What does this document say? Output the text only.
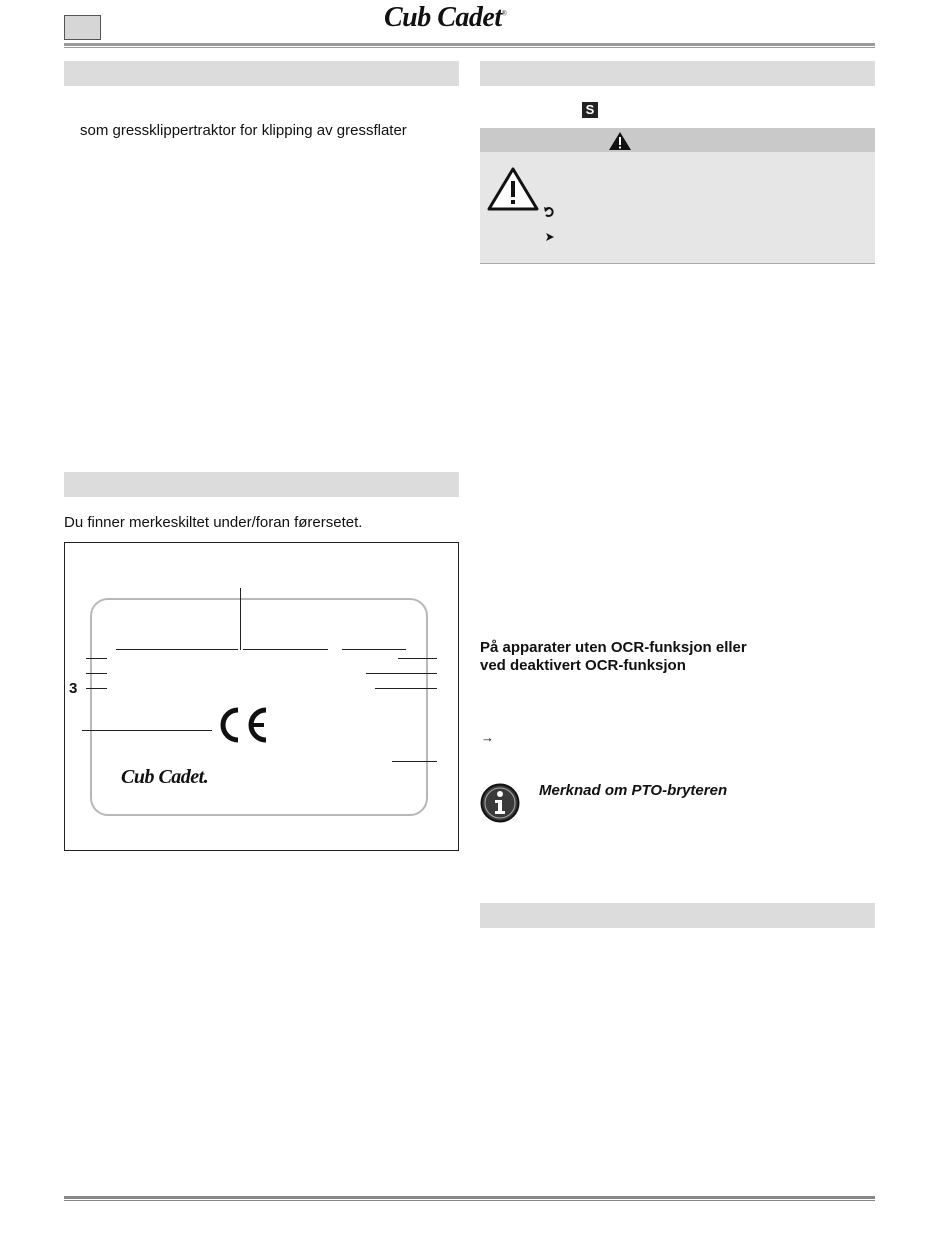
Cub Cadet®
som gressklippertraktor for klipping av gressflater
Du finner merkeskiltet under/foran førersetet.
3
Cub Cadet.
S
På apparater uten OCR-funksjon eller
ved deaktivert OCR-funksjon
→
Merknad om PTO-bryteren
